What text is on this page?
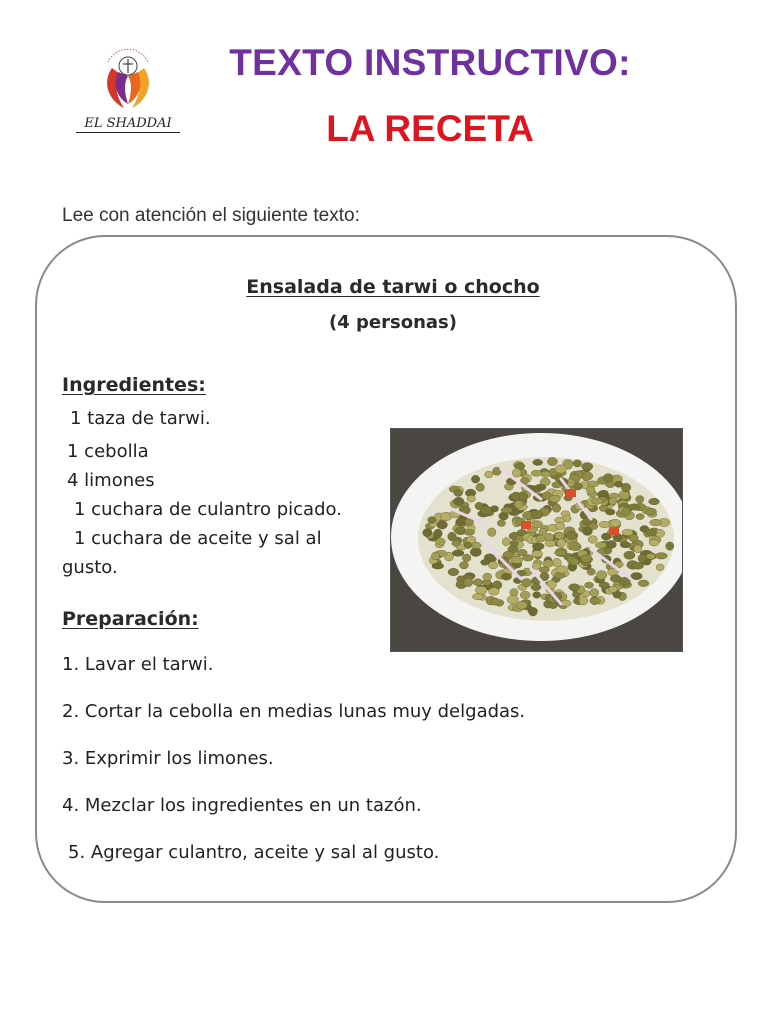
EL SHADDAI
TEXTO INSTRUCTIVO:
LA RECETA
Lee con atención el siguiente texto:
Ensalada de tarwi o chocho
(4 personas)
Ingredientes:
1 taza de tarwi.
1 cebolla
4 limones
1 cuchara de culantro picado.
1 cuchara de aceite y sal al
gusto.
Preparación:
1. Lavar el tarwi.
2. Cortar la cebolla en medias lunas muy delgadas.
3. Exprimir los limones.
4. Mezclar los ingredientes en un tazón.
5. Agregar culantro, aceite y sal al gusto.
